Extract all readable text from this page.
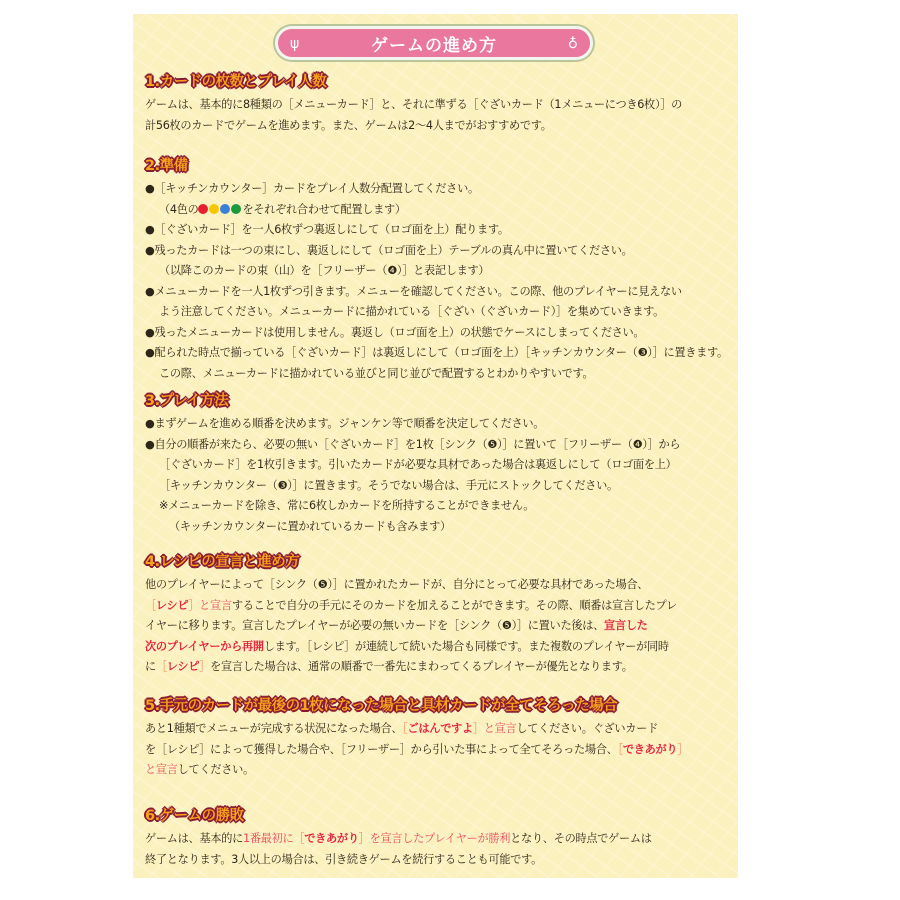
ψ	ゲームの進め方	♁
1.カードの枚数とプレイ人数
ゲームは、基本的に8種類の［メニューカード］と、それに準ずる［ぐざいカード（1メニューにつき6枚）］の
計56枚のカードでゲームを進めます。また、ゲームは2～4人までがおすすめです。
2.準備
●［キッチンカウンター］カードをプレイ人数分配置してください。
（4色の	をそれぞれ合わせて配置します）
●［ぐざいカード］を一人6枚ずつ裏返しにして（ロゴ面を上）配ります。
●残ったカードは一つの束にし、裏返しにして（ロゴ面を上）テーブルの真ん中に置いてください。
（以降このカードの束（山）を［フリーザー（❹）］と表記します）
●メニューカードを一人1枚ずつ引きます。メニューを確認してください。この際、他のプレイヤーに見えない
よう注意してください。メニューカードに描かれている［ぐざい（ぐざいカード）］を集めていきます。
●残ったメニューカードは使用しません。裏返し（ロゴ面を上）の状態でケースにしまってください。
●配られた時点で揃っている［ぐざいカード］は裏返しにして（ロゴ面を上）［キッチンカウンター（❸）］に置きます。
この際、メニューカードに描かれている並びと同じ並びで配置するとわかりやすいです。
3.プレイ方法
●まずゲームを進める順番を決めます。ジャンケン等で順番を決定してください。
●自分の順番が来たら、必要の無い［ぐざいカード］を1枚［シンク（❺）］に置いて［フリーザー（❹）］から
［ぐざいカード］を1枚引きます。引いたカードが必要な具材であった場合は裏返しにして（ロゴ面を上）
［キッチンカウンター（❸）］に置きます。そうでない場合は、手元にストックしてください。
※メニューカードを除き、常に6枚しかカードを所持することができません。
（キッチンカウンターに置かれているカードも含みます）
4.レシピの宣言と進め方
他のプレイヤーによって［シンク（❺）］に置かれたカードが、自分にとって必要な具材であった場合、
［レシピ］と宣言することで自分の手元にそのカードを加えることができます。その際、順番は宣言したプレ
イヤーに移ります。宣言したプレイヤーが必要の無いカードを［シンク（❺）］に置いた後は、宣言した
次のプレイヤーから再開します。［レシピ］が連続して続いた場合も同様です。また複数のプレイヤーが同時
に［レシピ］を宣言した場合は、通常の順番で一番先にまわってくるプレイヤーが優先となります。
5.手元のカードが最後の1枚になった場合と具材カードが全てそろった場合
あと1種類でメニューが完成する状況になった場合、［ごはんですよ］と宣言してください。ぐざいカード
を［レシピ］によって獲得した場合や、［フリーザー］から引いた事によって全てそろった場合、［できあがり］
と宣言してください。
6.ゲームの勝敗
ゲームは、基本的に1番最初に［できあがり］を宣言したプレイヤーが勝利となり、その時点でゲームは
終了となります。3人以上の場合は、引き続きゲームを続行することも可能です。
